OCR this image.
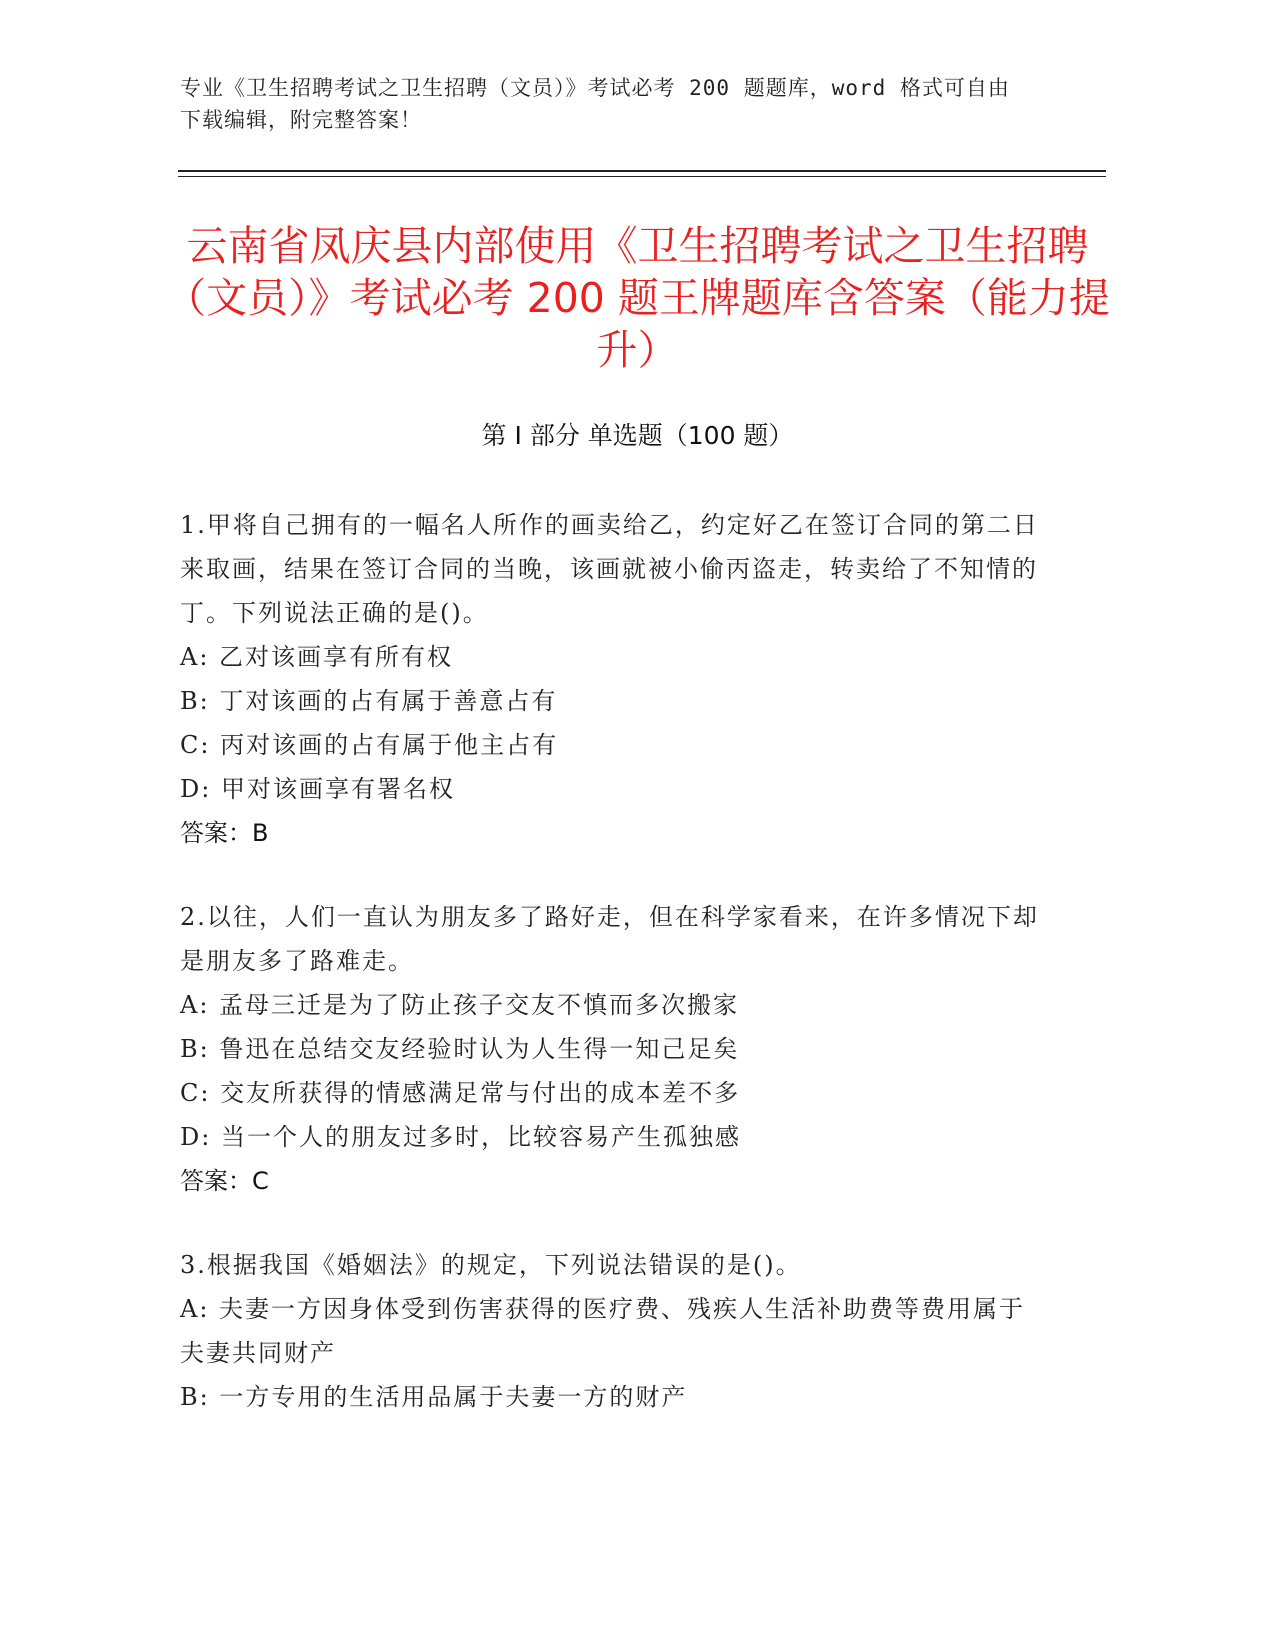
专业《卫生招聘考试之卫生招聘（文员）》考试必考 200 题题库，word 格式可自由下载编辑，附完整答案！
云南省凤庆县内部使用《卫生招聘考试之卫生招聘（文员）》考试必考 200 题王牌题库含答案（能力提升）
第 I 部分 单选题（100 题）
1.甲将自己拥有的一幅名人所作的画卖给乙，约定好乙在签订合同的第二日来取画，结果在签订合同的当晚，该画就被小偷丙盗走，转卖给了不知情的丁。下列说法正确的是()。
A: 乙对该画享有所有权
B: 丁对该画的占有属于善意占有
C: 丙对该画的占有属于他主占有
D: 甲对该画享有署名权
答案：B
2.以往，人们一直认为朋友多了路好走，但在科学家看来，在许多情况下却是朋友多了路难走。
A: 孟母三迁是为了防止孩子交友不慎而多次搬家
B: 鲁迅在总结交友经验时认为人生得一知己足矣
C: 交友所获得的情感满足常与付出的成本差不多
D: 当一个人的朋友过多时，比较容易产生孤独感
答案：C
3.根据我国《婚姻法》的规定，下列说法错误的是()。
A: 夫妻一方因身体受到伤害获得的医疗费、残疾人生活补助费等费用属于夫妻共同财产
B: 一方专用的生活用品属于夫妻一方的财产
